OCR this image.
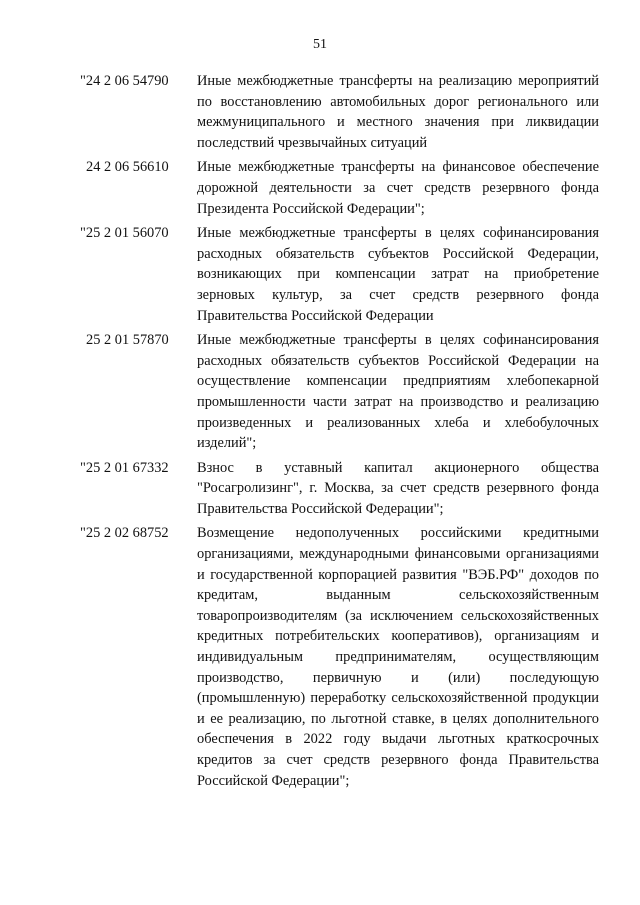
51
"24 2 06 54790	Иные межбюджетные трансферты на реализацию мероприятий по восстановлению автомобильных дорог регионального или межмуниципального и местного значения при ликвидации последствий чрезвычайных ситуаций
24 2 06 56610	Иные межбюджетные трансферты на финансовое обеспечение дорожной деятельности за счет средств резервного фонда Президента Российской Федерации";
"25 2 01 56070	Иные межбюджетные трансферты в целях софинансирования расходных обязательств субъектов Российской Федерации, возникающих при компенсации затрат на приобретение зерновых культур, за счет средств резервного фонда Правительства Российской Федерации
25 2 01 57870	Иные межбюджетные трансферты в целях софинансирования расходных обязательств субъектов Российской Федерации на осуществление компенсации предприятиям хлебопекарной промышленности части затрат на производство и реализацию произведенных и реализованных хлеба и хлебобулочных изделий";
"25 2 01 67332	Взнос в уставный капитал акционерного общества "Росагролизинг", г. Москва, за счет средств резервного фонда Правительства Российской Федерации";
"25 2 02 68752	Возмещение недополученных российскими кредитными организациями, международными финансовыми организациями и государственной корпорацией развития "ВЭБ.РФ" доходов по кредитам, выданным сельскохозяйственным товаропроизводителям (за исключением сельскохозяйственных кредитных потребительских кооперативов), организациям и индивидуальным предпринимателям, осуществляющим производство, первичную и (или) последующую (промышленную) переработку сельскохозяйственной продукции и ее реализацию, по льготной ставке, в целях дополнительного обеспечения в 2022 году выдачи льготных краткосрочных кредитов за счет средств резервного фонда Правительства Российской Федерации";
